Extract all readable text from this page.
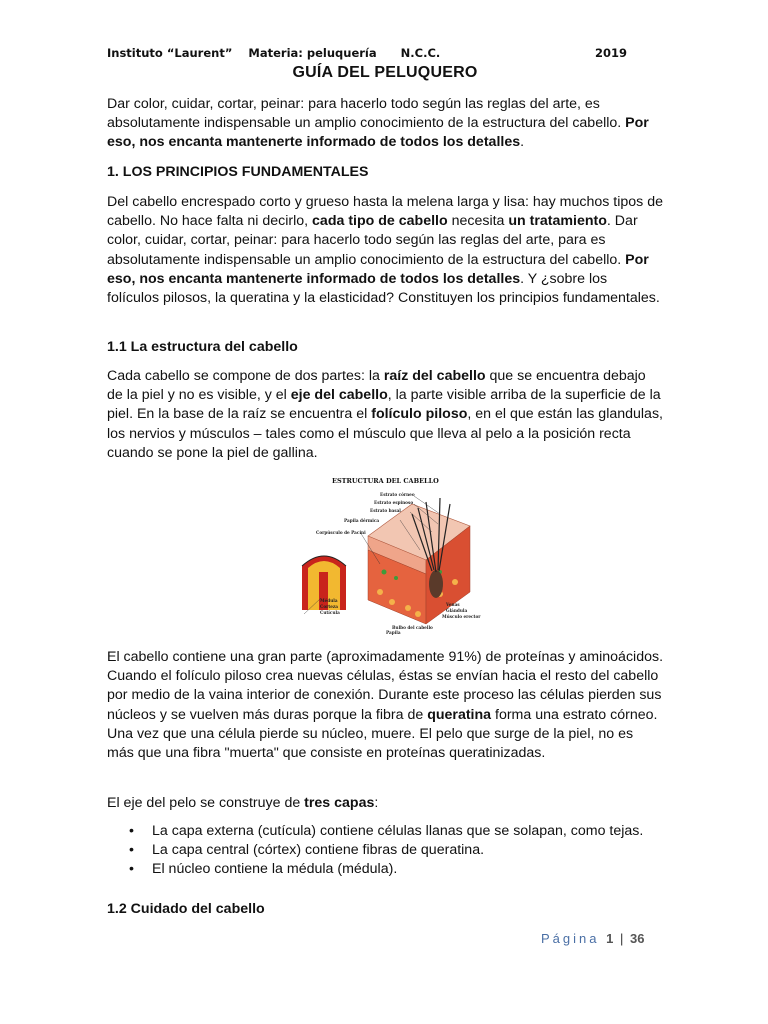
Instituto “Laurent” Materia: peluquería N.C.C.	2019
GUÍA DEL PELUQUERO

Dar color, cuidar, cortar, peinar: para hacerlo todo según las reglas del arte, es absolutamente indispensable un amplio conocimiento de la estructura del cabello. Por eso, nos encanta mantenerte informado de todos los detalles.

1. LOS PRINCIPIOS FUNDAMENTALES

Del cabello encrespado corto y grueso hasta la melena larga y lisa: hay muchos tipos de cabello. No hace falta ni decirlo, cada tipo de cabello necesita un tratamiento. Dar color, cuidar, cortar, peinar: para hacerlo todo según las reglas del arte, para es absolutamente indispensable un amplio conocimiento de la estructura del cabello. Por eso, nos encanta mantenerte informado de todos los detalles. Y ¿sobre los folículos pilosos, la queratina y la elasticidad? Constituyen los principios fundamentales.

1.1 La estructura del cabello

Cada cabello se compone de dos partes: la raíz del cabello que se encuentra debajo de la piel y no es visible, y el eje del cabello, la parte visible arriba de la superficie de la piel. En la base de la raíz se encuentra el folículo piloso, en el que están las glandulas, los nervios y músculos – tales como el músculo que lleva al pelo a la posición recta cuando se pone la piel de gallina.

El cabello contiene una gran parte (aproximadamente 91%) de proteínas y aminoácidos. Cuando el folículo piloso crea nuevas células, éstas se envían hacia el resto del cabello por medio de la vaina interior de conexión. Durante este proceso las células pierden sus núcleos y se vuelven más duras porque la fibra de queratina forma una estrato córneo. Una vez que una célula pierde su núcleo, muere. El pelo que surge de la piel, no es más que una fibra "muerta" que consiste en proteínas queratinizadas.

El eje del pelo se construye de tres capas:

• La capa externa (cutícula) contiene células llanas que se solapan, como tejas.
• La capa central (córtex) contiene fibras de queratina.
• El núcleo contiene la médula (médula).
1.2 Cuidado del cabello
ESTRUCTURA DEL CABELLO
Estrato córneo
Estrato espinoso
Estrato basal
Papila dérmica
Corpúsculo de Pacini
Médula
Corteza
Cutícula
Venas
Glándula
Músculo erector
Bulbo del cabello
Papila
Página 1 | 36
